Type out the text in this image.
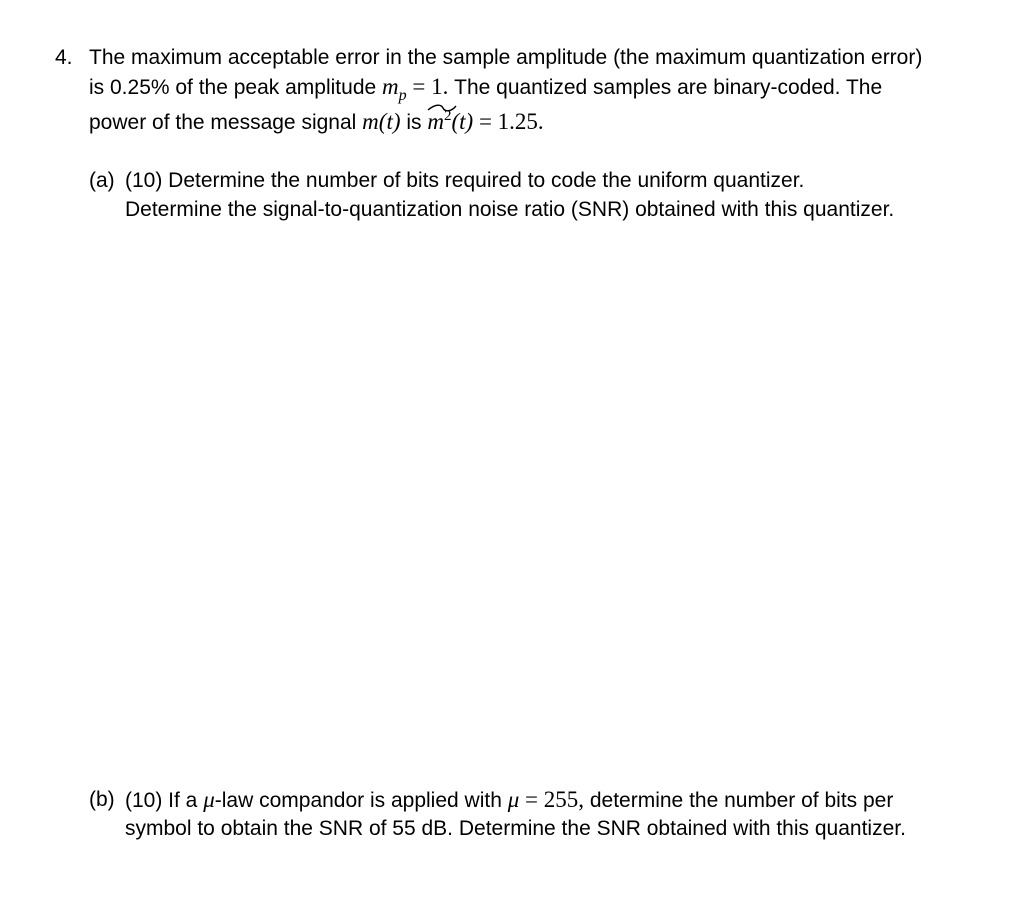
4. The maximum acceptable error in the sample amplitude (the maximum quantization error)
is 0.25% of the peak amplitude $m_p = 1$. The quantized samples are binary-coded. The
power of the message signal m(t) is
$m^2(t) = 1.25$.
(a) (10) Determine the number of bits required to code the uniform quantizer.
Determine the signal-to-quantization noise ratio (SNR) obtained with this quantizer.
(b) (10) If a μ-law compandor is applied with μ = 255, determine the number of bits per
symbol to obtain the SNR of 55 dB. Determine the SNR obtained with this quantizer.
